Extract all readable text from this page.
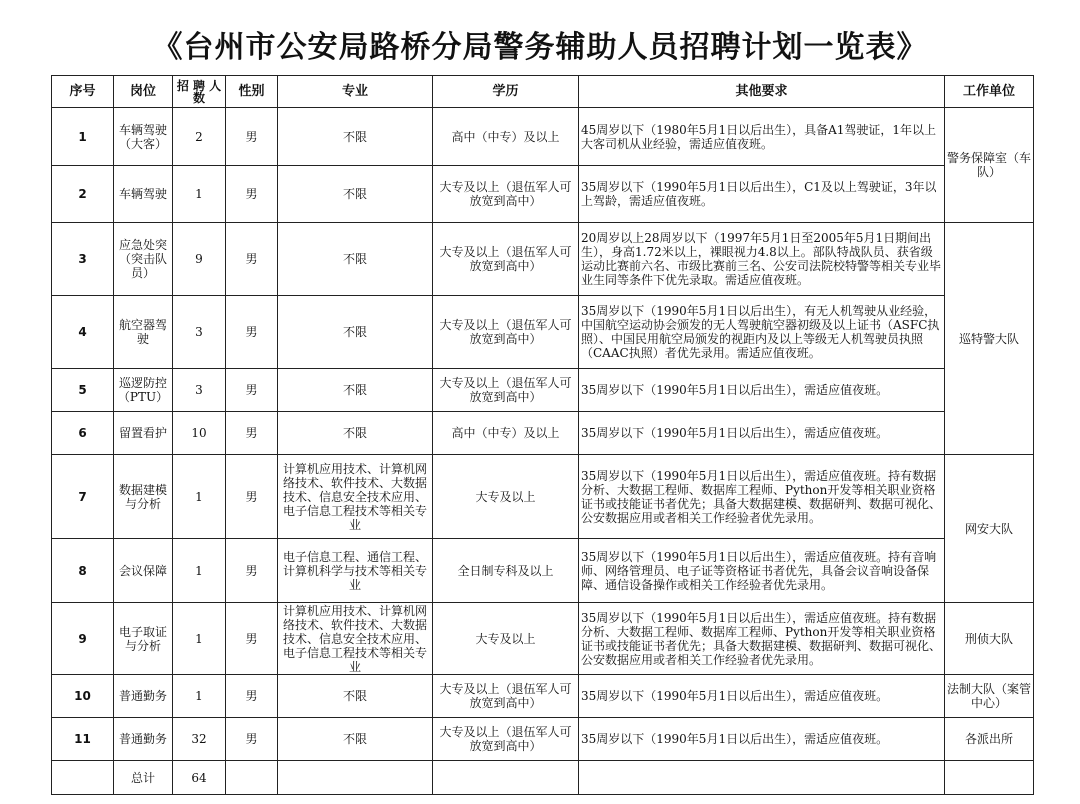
《台州市公安局路桥分局警务辅助人员招聘计划一览表》
序号	岗位	招 聘 人 数	性别	专业	学历	其他要求	工作单位
1	车辆驾驶（大客）	2	男	不限	高中（中专）及以上	45周岁以下（1980年5月1日以后出生），具备A1驾驶证，1年以上大客司机从业经验，需适应值夜班。	警务保障室（车队）
2	车辆驾驶	1	男	不限	大专及以上（退伍军人可放宽到高中）	35周岁以下（1990年5月1日以后出生），C1及以上驾驶证，3年以上驾龄，需适应值夜班。	
3	应急处突（突击队员）	9	男	不限	大专及以上（退伍军人可放宽到高中）	20周岁以上28周岁以下（1997年5月1日至2005年5月1日期间出生），身高1.72米以上，裸眼视力4.8以上。部队特战队员、获省级运动比赛前六名、市级比赛前三名、公安司法院校特警等相关专业毕业生同等条件下优先录取。需适应值夜班。	巡特警大队
4	航空器驾驶	3	男	不限	大专及以上（退伍军人可放宽到高中）	35周岁以下（1990年5月1日以后出生），有无人机驾驶从业经验，中国航空运动协会颁发的无人驾驶航空器初级及以上证书（ASFC执照）、中国民用航空局颁发的视距内及以上等级无人机驾驶员执照（CAAC执照）者优先录用。需适应值夜班。	
5	巡逻防控（PTU）	3	男	不限	大专及以上（退伍军人可放宽到高中）	35周岁以下（1990年5月1日以后出生），需适应值夜班。	
6	留置看护	10	男	不限	高中（中专）及以上	35周岁以下（1990年5月1日以后出生），需适应值夜班。	
7	数据建模与分析	1	男	计算机应用技术、计算机网络技术、软件技术、大数据技术、信息安全技术应用、电子信息工程技术等相关专业	大专及以上	35周岁以下（1990年5月1日以后出生），需适应值夜班。持有数据分析、大数据工程师、数据库工程师、Python开发等相关职业资格证书或技能证书者优先；具备大数据建模、数据研判、数据可视化、公安数据应用或者相关工作经验者优先录用。	网安大队
8	会议保障	1	男	电子信息工程、通信工程、计算机科学与技术等相关专业	全日制专科及以上	35周岁以下（1990年5月1日以后出生），需适应值夜班。持有音响师、网络管理员、电子证等资格证书者优先，具备会议音响设备保障、通信设备操作或相关工作经验者优先录用。	
9	电子取证与分析	1	男	计算机应用技术、计算机网络技术、软件技术、大数据技术、信息安全技术应用、电子信息工程技术等相关专业	大专及以上	35周岁以下（1990年5月1日以后出生），需适应值夜班。持有数据分析、大数据工程师、数据库工程师、Python开发等相关职业资格证书或技能证书者优先；具备大数据建模、数据研判、数据可视化、公安数据应用或者相关工作经验者优先录用。	刑侦大队
10	普通勤务	1	男	不限	大专及以上（退伍军人可放宽到高中）	35周岁以下（1990年5月1日以后出生），需适应值夜班。	法制大队（案管中心）
11	普通勤务	32	男	不限	大专及以上（退伍军人可放宽到高中）	35周岁以下（1990年5月1日以后出生），需适应值夜班。	各派出所
	总计	64					
